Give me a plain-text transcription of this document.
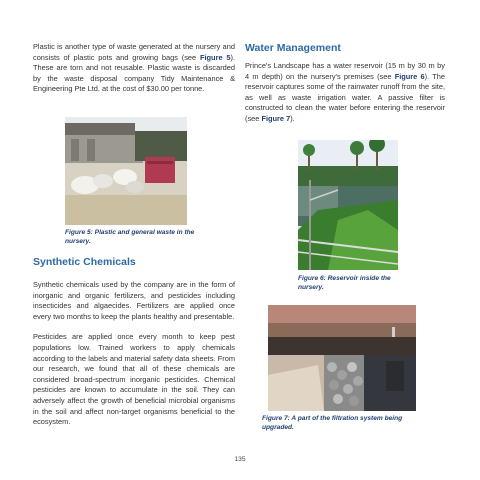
Plastic is another type of waste generated at the nursery and consists of plastic pots and growing bags (see Figure 5). These are torn and not reusable. Plastic waste is discarded by the waste disposal company Tidy Maintenance & Engineering Pte Ltd. at the cost of $30.00 per tonne.

Figure 5: Plastic and general waste in the nursery.
Synthetic Chemicals

Synthetic chemicals used by the company are in the form of inorganic and organic fertilizers, and pesticides including insecticides and algaecides. Fertilizers are applied once every two months to keep the plants healthy and presentable.

Pesticides are applied once every month to keep pest populations low. Trained workers to apply chemicals according to the labels and material safety data sheets. From our research, we found that all of these chemicals are considered broad-spectrum inorganic pesticides. Chemical pesticides are known to accumulate in the soil. They can adversely affect the growth of beneficial microbial organisms in the soil and affect non-target organisms beneficial to the ecosystem.

Water Management

Prince's Landscape has a water reservoir (15 m by 30 m by 4 m depth) on the nursery's premises (see Figure 6). The reservoir captures some of the rainwater runoff from the site, as well as waste irrigation water. A passive filter is constructed to clean the water before entering the reservoir (see Figure 7).

Figure 6: Reservoir inside the nursery.
Figure 7: A part of the filtration system being upgraded.
135
